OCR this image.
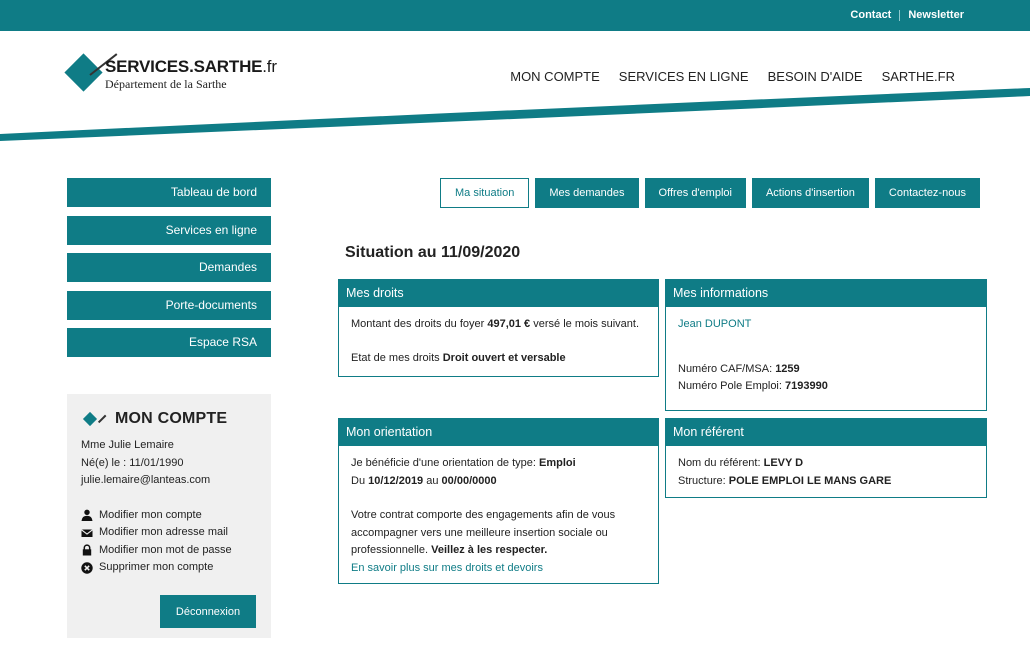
Contact Newsletter
SERVICES.SARTHE.fr
Département de la Sarthe	MON COMPTE SERVICES EN LIGNE BESOIN D'AIDE SARTHE.FR
Tableau de bord
Services en ligne
Demandes
Porte-documents
Espace RSA
MON COMPTE
Mme Julie Lemaire
Né(e) le : 11/01/1990
julie.lemaire@lanteas.com
Modifier mon compte
Modifier mon adresse mail
Modifier mon mot de passe
Supprimer mon compte
Déconnexion
Ma situation	Mes demandes	Offres d'emploi	Actions d'insertion	Contactez-nous
Situation au 11/09/2020
Mes droits
Montant des droits du foyer 497,01 € versé le mois suivant.
Etat de mes droits Droit ouvert et versable
Mes informations
Jean DUPONT
Numéro CAF/MSA: 1259
Numéro Pole Emploi: 7193990
Mon orientation
Je bénéficie d'une orientation de type: Emploi
Du 10/12/2019 au 00/00/0000
Votre contrat comporte des engagements afin de vous accompagner vers une meilleure insertion sociale ou professionnelle. Veillez à les respecter.
En savoir plus sur mes droits et devoirs
Mon référent
Nom du référent: LEVY D
Structure: POLE EMPLOI LE MANS GARE
